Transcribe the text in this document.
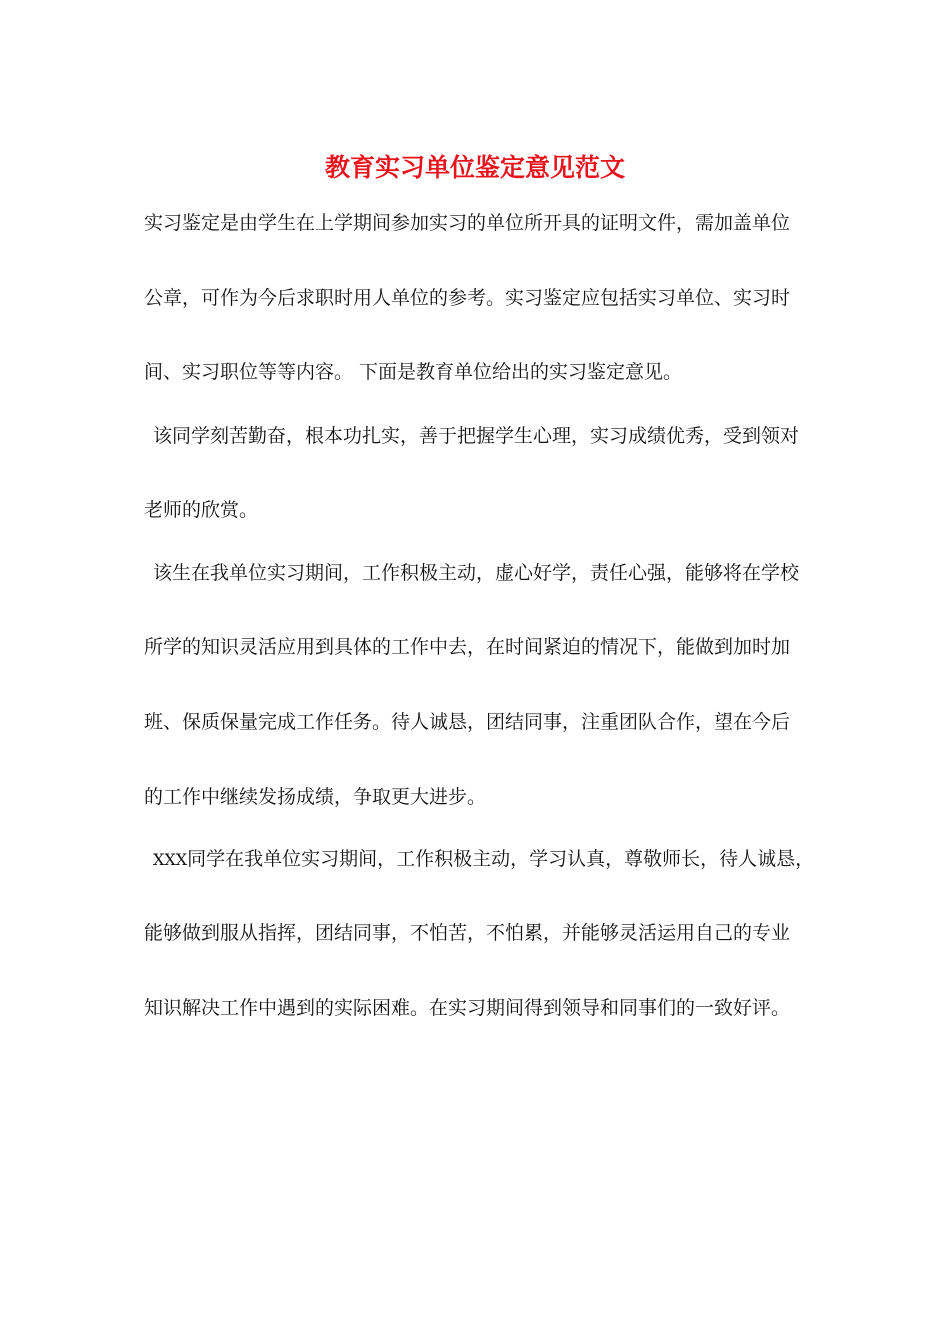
教育实习单位鉴定意见范文

实习鉴定是由学生在上学期间参加实习的单位所开具的证明文件，需加盖单位

公章，可作为今后求职时用人单位的参考。实习鉴定应包括实习单位、实习时

间、实习职位等等内容。 下面是教育单位给出的实习鉴定意见。

该同学刻苦勤奋，根本功扎实，善于把握学生心理，实习成绩优秀，受到领对

老师的欣赏。

该生在我单位实习期间，工作积极主动，虚心好学，责任心强，能够将在学校

所学的知识灵活应用到具体的工作中去，在时间紧迫的情况下，能做到加时加

班、保质保量完成工作任务。待人诚恳，团结同事，注重团队合作，望在今后

的工作中继续发扬成绩，争取更大进步。

XXX同学在我单位实习期间，工作积极主动，学习认真，尊敬师长，待人诚恳，

能够做到服从指挥，团结同事，不怕苦，不怕累，并能够灵活运用自己的专业

知识解决工作中遇到的实际困难。在实习期间得到领导和同事们的一致好评。
